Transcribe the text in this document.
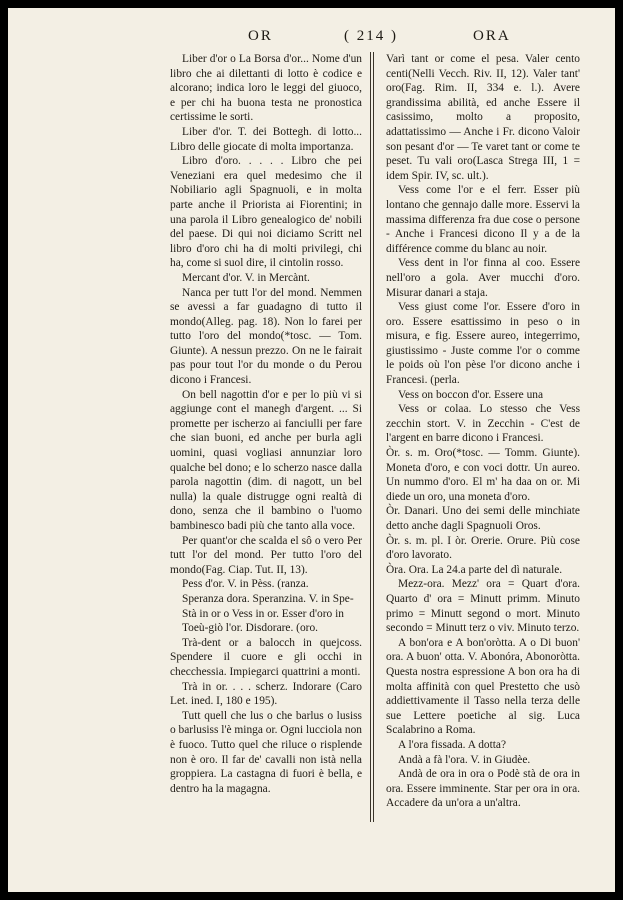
OR	( 214 )	ORA

Liber d'or o La Borsa d'or... Nome d'un libro che ai dilettanti di lotto è codice e alcorano; indica loro le leggi del giuoco, e per chi ha buona testa ne pronostica certissime le sorti.

Liber d'or. T. dei Bottegh. di lotto... Libro delle giocate di molta importanza.

Libro d'oro. . . . . Libro che pei Veneziani era quel medesimo che il Nobiliario agli Spagnuoli, e in molta parte anche il Priorista ai Fiorentini; in una parola il Libro genealogico de' nobili del paese. Di qui noi diciamo Scritt nel libro d'oro chi ha di molti privilegi, chi ha, come si suol dire, il cintolin rosso.

Mercant d'or. V. in Mercànt.

Nanca per tutt l'or del mond. Nemmen se avessi a far guadagno di tutto il mondo(Alleg. pag. 18). Non lo farei per tutto l'oro del mondo(*tosc. — Tom. Giunte). A nessun prezzo. On ne le fairait pas pour tout l'or du monde o du Perou dicono i Francesi.

On bell nagottin d'or e per lo più vi si aggiunge cont el manegh d'argent. ... Si promette per ischerzo ai fanciulli per fare che sian buoni, ed anche per burla agli uomini, quasi vogliasi annunziar loro qualche bel dono; e lo scherzo nasce dalla parola nagottin (dim. di nagott, un bel nulla) la quale distrugge ogni realtà di dono, senza che il bambino o l'uomo bambinesco badi più che tanto alla voce.

Per quant'or che scalda el sô o vero Per tutt l'or del mond. Per tutto l'oro del mondo(Fag. Ciap. Tut. II, 13).

Pess d'or. V. in Pèss. (ranza.

Speranza dora. Speranzina. V. in Spe-

Stà in or o Vess in or. Esser d'oro in

Toeù-giò l'or. Disdorare. (oro.

Trà-dent or a balocch in quejcoss. Spendere il cuore e gli occhi in checchessia. Impiegarci quattrini a monti.

Trà in or. . . . scherz. Indorare (Caro Let. ined. I, 180 e 195).

Tutt quell che lus o che barlus o lusiss o barlusiss l'è minga or. Ogni lucciola non è fuoco. Tutto quel che riluce o risplende non è oro. Il far de' cavalli non istà nella groppiera. La castagna di fuori è bella, e dentro ha la magagna.

Varì tant or come el pesa. Valer cento centi(Nelli Vecch. Riv. II, 12). Valer tant' oro(Fag. Rim. II, 334 e. l.). Avere grandissima abilità, ed anche Essere il casissimo, molto a proposito, adattatissimo — Anche i Fr. dicono Valoir son pesant d'or — Te varet tant or come te peset. Tu vali oro(Lasca Strega III, 1 = idem Spir. IV, sc. ult.).

Vess come l'or e el ferr. Esser più lontano che gennajo dalle more. Esservi la massima differenza fra due cose o persone - Anche i Francesi dicono Il y a de la différence comme du blanc au noir.

Vess dent in l'or finna al coo. Essere nell'oro a gola. Aver mucchi d'oro. Misurar danari a staja.

Vess giust come l'or. Essere d'oro in oro. Essere esattissimo in peso o in misura, e fig. Essere aureo, integerrimo, giustissimo - Juste comme l'or o comme le poids où l'on pèse l'or dicono anche i Francesi. (perla.

Vess on boccon d'or. Essere una

Vess or colaa. Lo stesso che Vess zecchin stort. V. in Zecchin - C'est de l'argent en barre dicono i Francesi.

Òr. s. m. Oro(*tosc. — Tomm. Giunte). Moneta d'oro, e con voci dottr. Un aureo. Un nummo d'oro. El m' ha daa on or. Mi diede un oro, una moneta d'oro.

Òr. Danari. Uno dei semi delle minchiate detto anche dagli Spagnuoli Oros.

Òr. s. m. pl. I òr. Orerie. Orure. Più cose d'oro lavorato.

Òra. Ora. La 24.a parte del dì naturale.

Mezz-ora. Mezz' ora = Quart d'ora. Quarto d' ora = Minutt primm. Minuto primo = Minutt segond o mort. Minuto secondo = Minutt terz o viv. Minuto terzo.

A bon'ora e A bon'oròtta. A o Di buon' ora. A buon' otta. V. Abonóra, Abonoròtta. Questa nostra espressione A bon ora ha di molta affinità con quel Prestetto che usò addiettivamente il Tasso nella terza delle sue Lettere poetiche al sig. Luca Scalabrino a Roma.

A l'ora fissada. A dotta?

Andà a fà l'ora. V. in Giudèe.

Andà de ora in ora o Podè stà de ora in ora. Essere imminente. Star per ora in ora. Accadere da un'ora a un'altra.
